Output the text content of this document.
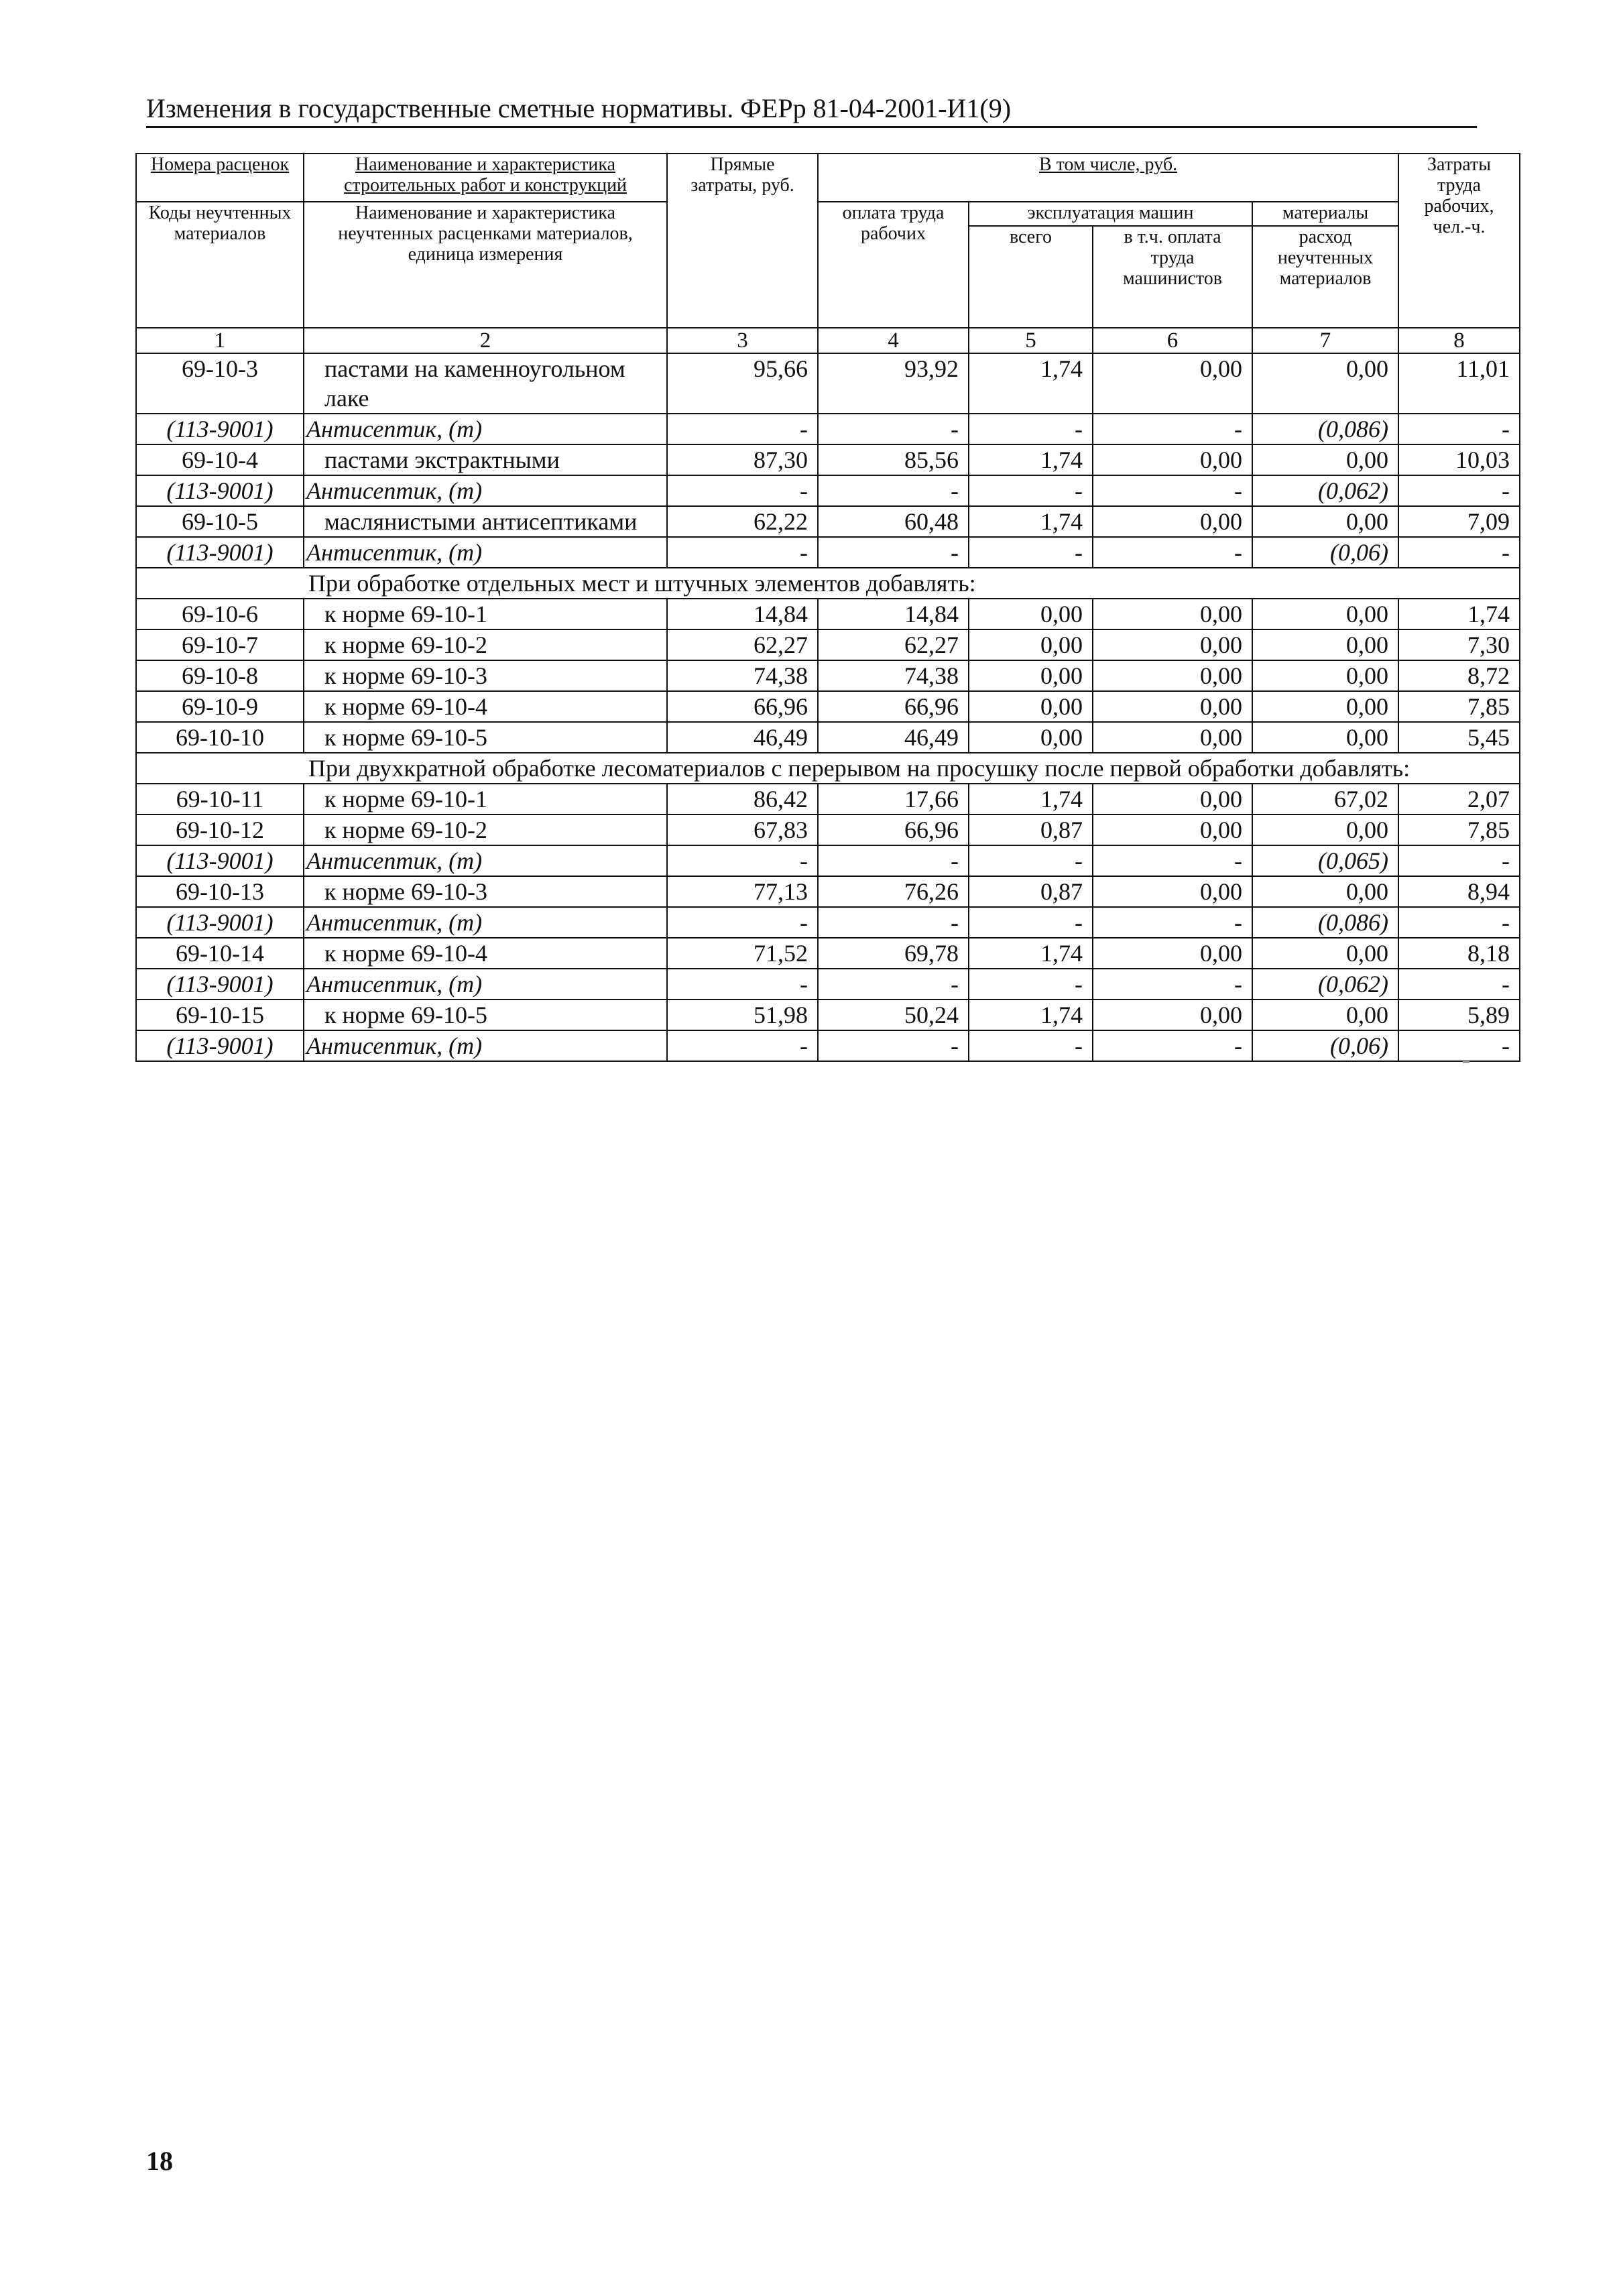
Изменения в государственные сметные нормативы. ФЕРр 81-04-2001-И1(9)
Номера расценок	Наименование и характеристика строительных работ и конструкций	Прямые затраты, руб.	В том числе, руб.				Затраты труда рабочих, чел.-ч.
Коды неучтенных материалов	Наименование и характеристика неучтенных расценками материалов, единица измерения		оплата труда рабочих	эксплуатация машин		материалы	
				всего	в т.ч. оплата труда машинистов	расход неучтенных материалов	
1	2	3	4	5	6	7	8
69-10-3	пастами на каменноугольном лаке	95,66	93,92	1,74	0,00	0,00	11,01
(113-9001)	Антисептик, (т)	-	-	-	-	(0,086)	-
69-10-4	пастами экстрактными	87,30	85,56	1,74	0,00	0,00	10,03
(113-9001)	Антисептик, (т)	-	-	-	-	(0,062)	-
69-10-5	маслянистыми антисептиками	62,22	60,48	1,74	0,00	0,00	7,09
(113-9001)	Антисептик, (т)	-	-	-	-	(0,06)	-
При обработке отдельных мест и штучных элементов добавлять:							
69-10-6	к норме 69-10-1	14,84	14,84	0,00	0,00	0,00	1,74
69-10-7	к норме 69-10-2	62,27	62,27	0,00	0,00	0,00	7,30
69-10-8	к норме 69-10-3	74,38	74,38	0,00	0,00	0,00	8,72
69-10-9	к норме 69-10-4	66,96	66,96	0,00	0,00	0,00	7,85
69-10-10	к норме 69-10-5	46,49	46,49	0,00	0,00	0,00	5,45
При двухкратной обработке лесоматериалов с перерывом на просушку после первой обработки добавлять:							
69-10-11	к норме 69-10-1	86,42	17,66	1,74	0,00	67,02	2,07
69-10-12	к норме 69-10-2	67,83	66,96	0,87	0,00	0,00	7,85
(113-9001)	Антисептик, (т)	-	-	-	-	(0,065)	-
69-10-13	к норме 69-10-3	77,13	76,26	0,87	0,00	0,00	8,94
(113-9001)	Антисептик, (т)	-	-	-	-	(0,086)	-
69-10-14	к норме 69-10-4	71,52	69,78	1,74	0,00	0,00	8,18
(113-9001)	Антисептик, (т)	-	-	-	-	(0,062)	-
69-10-15	к норме 69-10-5	51,98	50,24	1,74	0,00	0,00	5,89
(113-9001)	Антисептик, (т)	-	-	-	-	(0,06)	-
18
